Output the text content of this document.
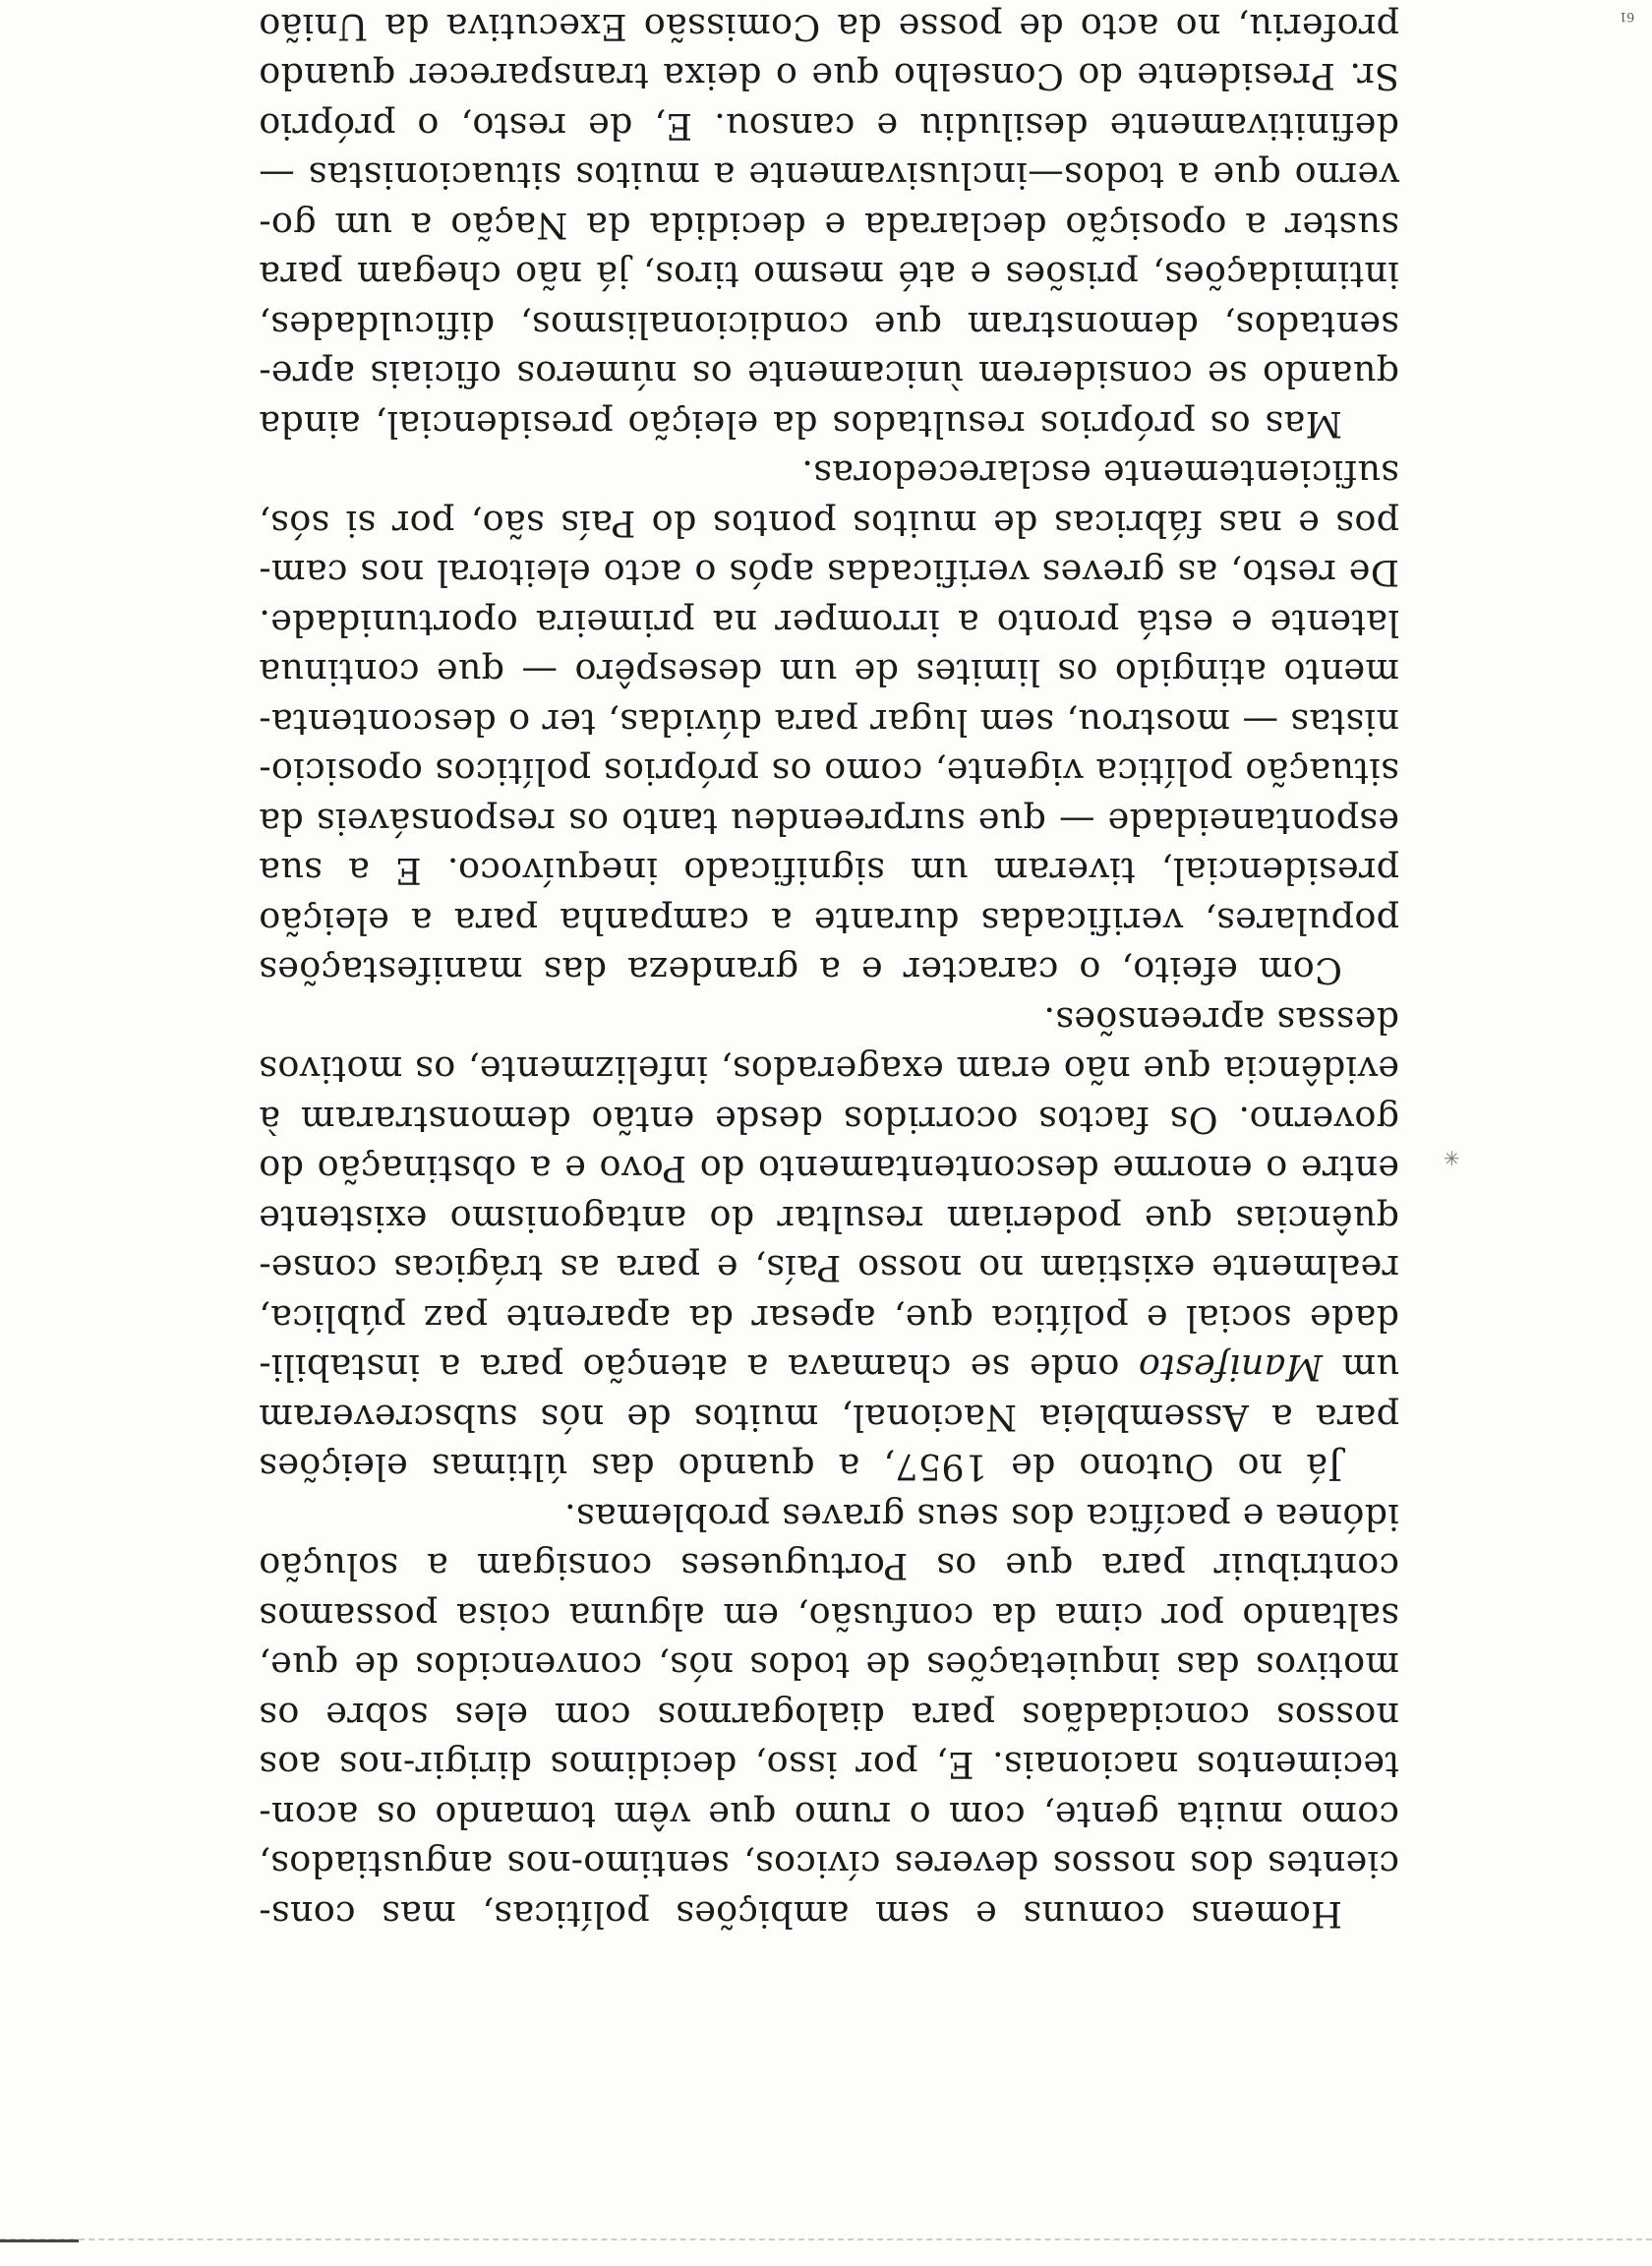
61
✳
Homens comuns e sem ambições políticas, mas cons-
cientes dos nossos deveres cívicos, sentimo-nos angustiados,
como muita gente, com o rumo que vêm tomando os acon-
tecimentos nacionais. E, por isso, decidimos dirigir-nos aos
nossos concidadãos para dialogarmos com eles sobre os
motivos das inquietações de todos nós, convencidos de que,
saltando por cima da confusão, em alguma coisa possamos
contribuir para que os Portugueses consigam a solução
idónea e pacífica dos seus graves problemas.
Já no Outono de 1957, a quando das últimas eleições
para a Assembleia Nacional, muitos de nós subscreveram
um Manifesto onde se chamava a atenção para a instabili-
dade social e política que, apesar da aparente paz pública,
realmente existiam no nosso País, e para as trágicas conse-
quências que poderiam resultar do antagonismo existente
entre o enorme descontentamento do Povo e a obstinação do
governo. Os factos ocorridos desde então demonstraram à
evidência que não eram exagerados, infelizmente, os motivos
dessas apreensões.
Com efeito, o caracter e a grandeza das manifestações
populares, verificadas durante a campanha para a eleição
presidencial, tiveram um significado inequívoco. E a sua
espontaneidade — que surpreendeu tanto os responsáveis da
situação política vigente, como os próprios políticos oposicio-
nistas — mostrou, sem lugar para dúvidas, ter o descontenta-
mento atingido os limites de um desespêro — que continua
latente e está pronto a irromper na primeira oportunidade.
De resto, as greves verificadas após o acto eleitoral nos cam-
pos e nas fábricas de muitos pontos do País são, por si sós,
suficientemente esclarecedoras.
Mas os próprios resultados da eleição presidencial, ainda
quando se considerem ùnicamente os números oficiais apre-
sentados, demonstram que condicionalismos, dificuldades,
intimidações, prisões e até mesmo tiros, já não chegam para
suster a oposição declarada e decidida da Nação a um go-
verno que a todos—inclusivamente a muitos situacionistas —
definitivamente desiludiu e cansou. E, de resto, o próprio
Sr. Presidente do Conselho que o deixa transparecer quando
proferiu, no acto de posse da Comissão Executiva da União
